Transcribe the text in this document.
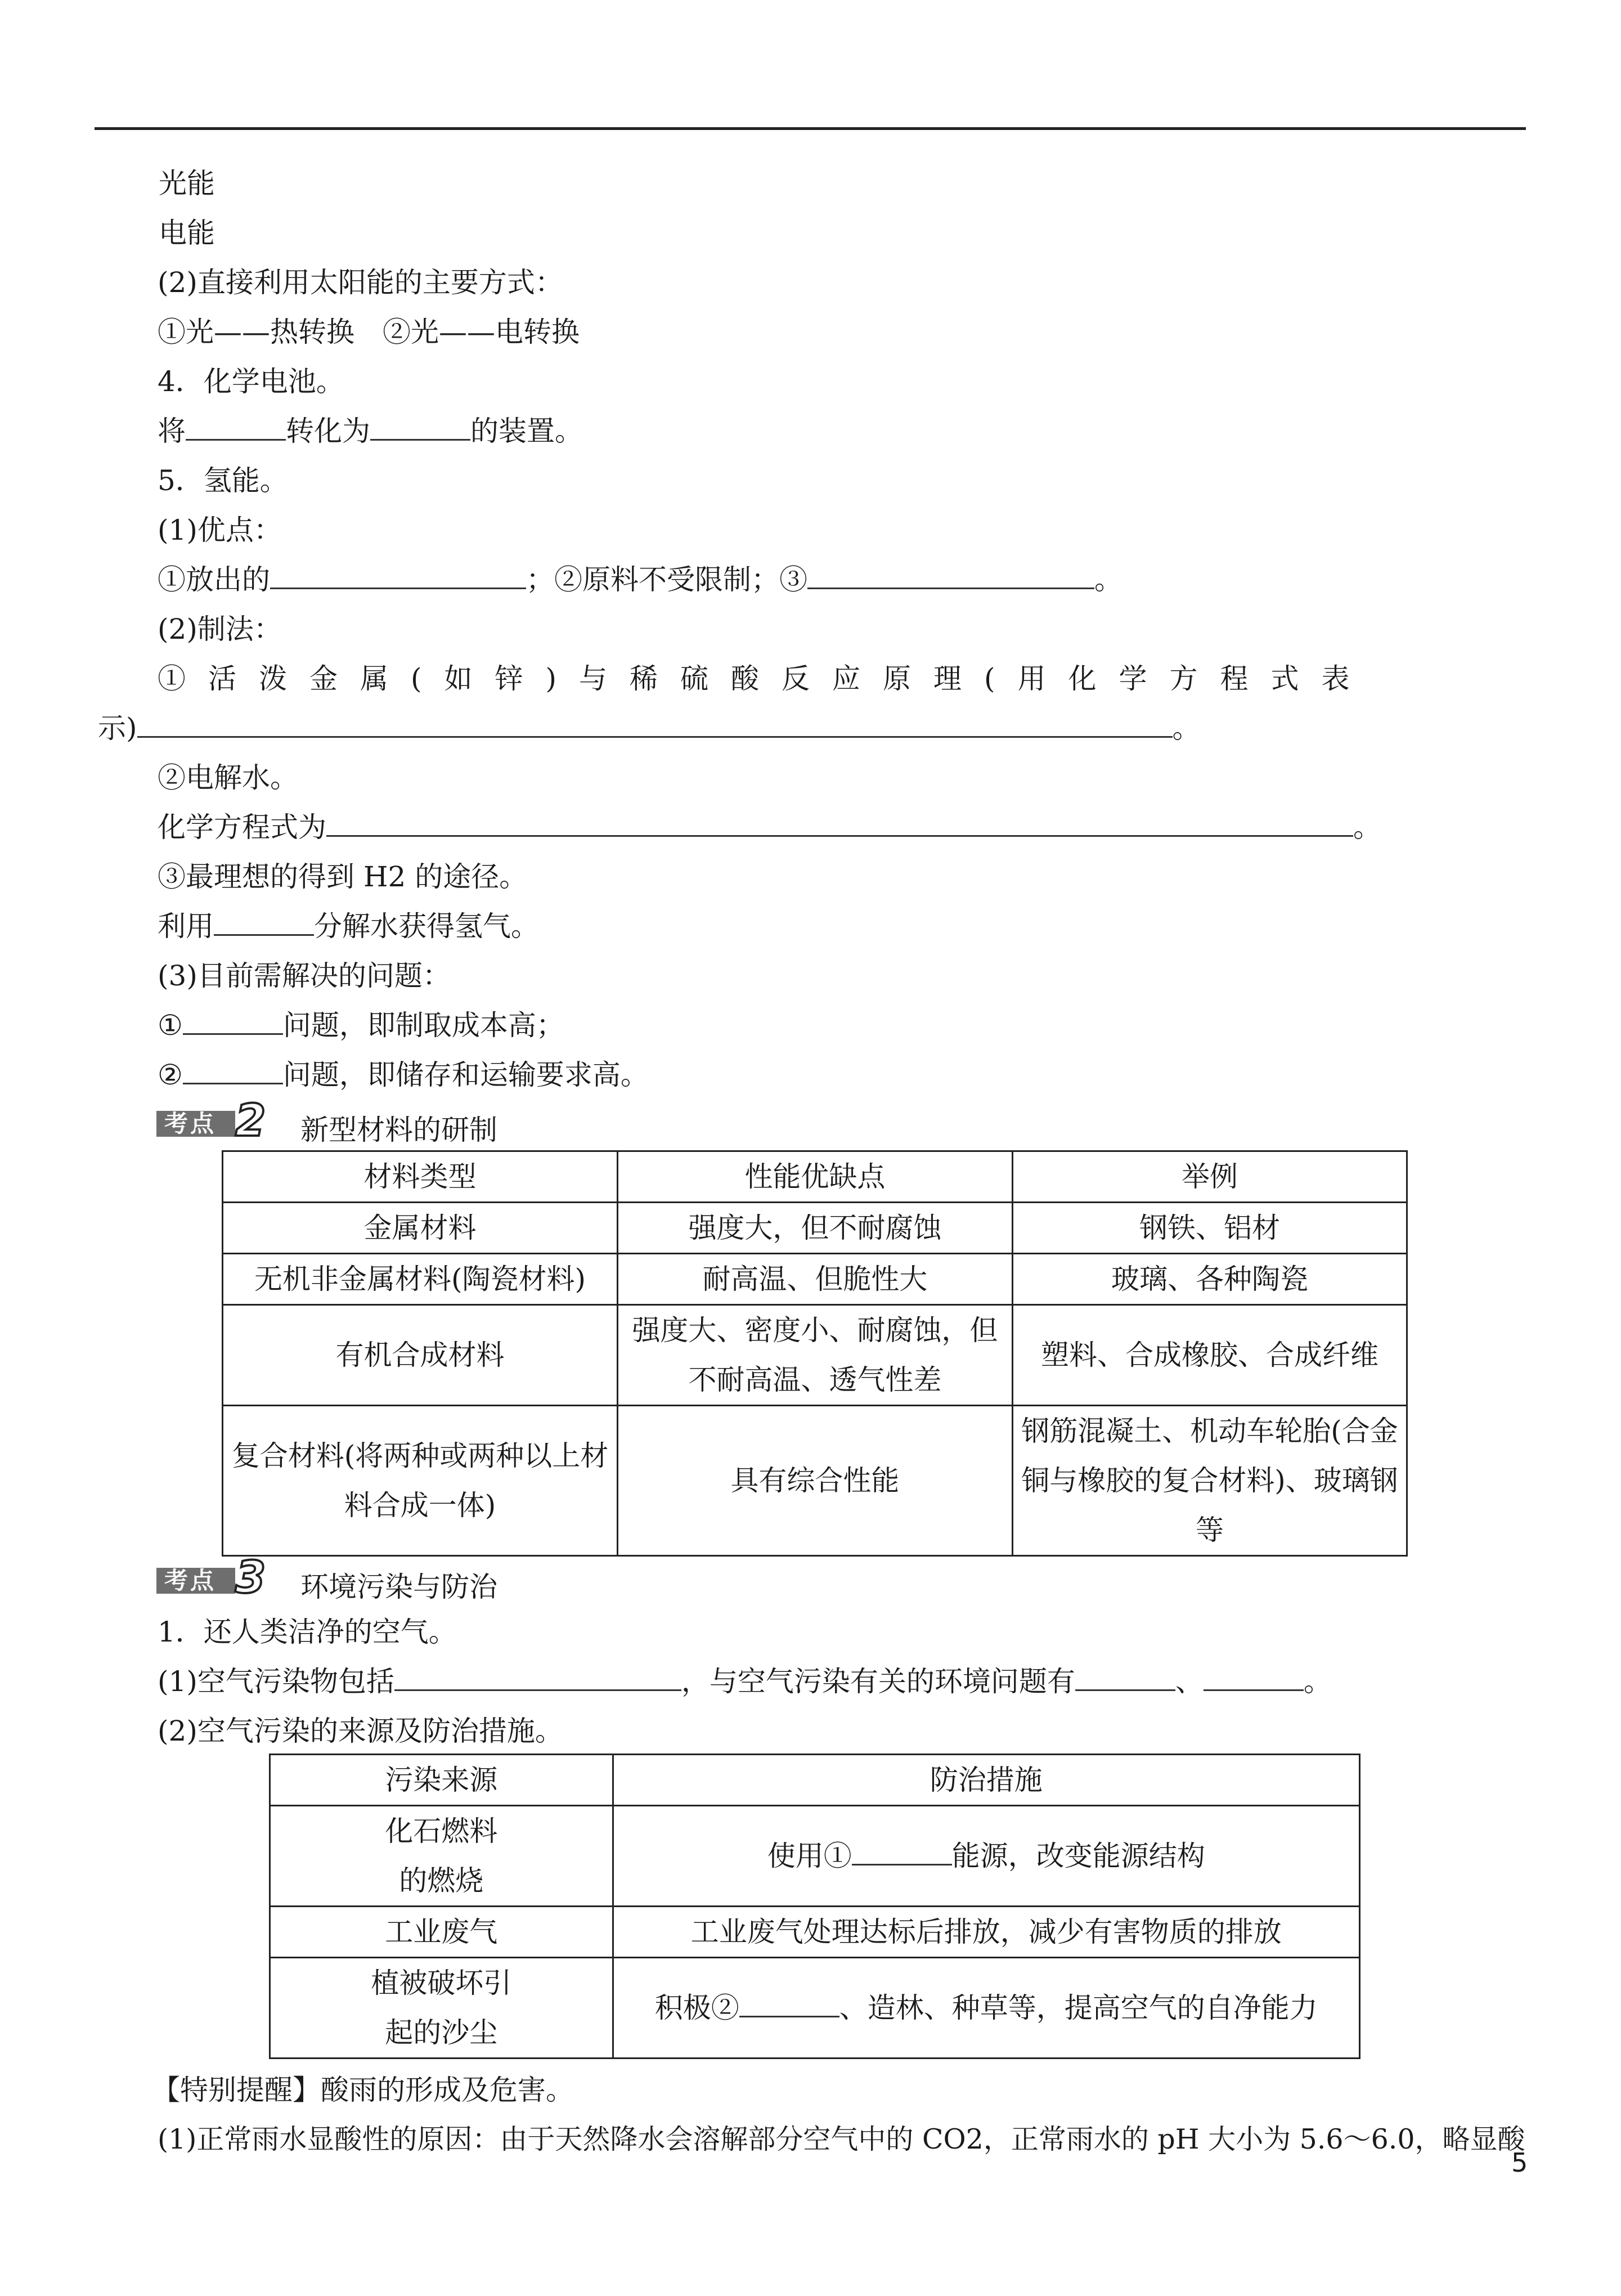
光能
电能
(2)直接利用太阳能的主要方式：
①光——热转换　②光——电转换
4．化学电池。
将	转化为	的装置。
5．氢能。
(1)优点：
①放出的	；②原料不受限制；③	。
(2)制法：
①活泼金属(如锌)与稀硫酸反应原理(用化学方程式表
示)	。
②电解水。
化学方程式为	。
③最理想的得到 H2 的途径。
利用	分解水获得氢气。
(3)目前需解决的问题：
①	问题，即制取成本高；
②	问题，即储存和运输要求高。
考点 2 新型材料的研制
材料类型	性能优缺点	举例
金属材料	强度大，但不耐腐蚀	钢铁、铝材
无机非金属材料(陶瓷材料)	耐高温、但脆性大	玻璃、各种陶瓷
有机合成材料	强度大、密度小、耐腐蚀，但不耐高温、透气性差	塑料、合成橡胶、合成纤维
复合材料(将两种或两种以上材料合成一体)	具有综合性能	钢筋混凝土、机动车轮胎(合金铜与橡胶的复合材料)、玻璃钢等
考点 3 环境污染与防治
1．还人类洁净的空气。
(1)空气污染物包括	，与空气污染有关的环境问题有	、	。
(2)空气污染的来源及防治措施。
污染来源	防治措施
化石燃料的燃烧	使用① 能源，改变能源结构
工业废气	工业废气处理达标后排放，减少有害物质的排放
植被破坏引起的沙尘	积极② 、造林、种草等，提高空气的自净能力
【特别提醒】酸雨的形成及危害。
(1)正常雨水显酸性的原因：由于天然降水会溶解部分空气中的 CO2，正常雨水的 pH 大小为 5.6～6.0，略显酸
5
